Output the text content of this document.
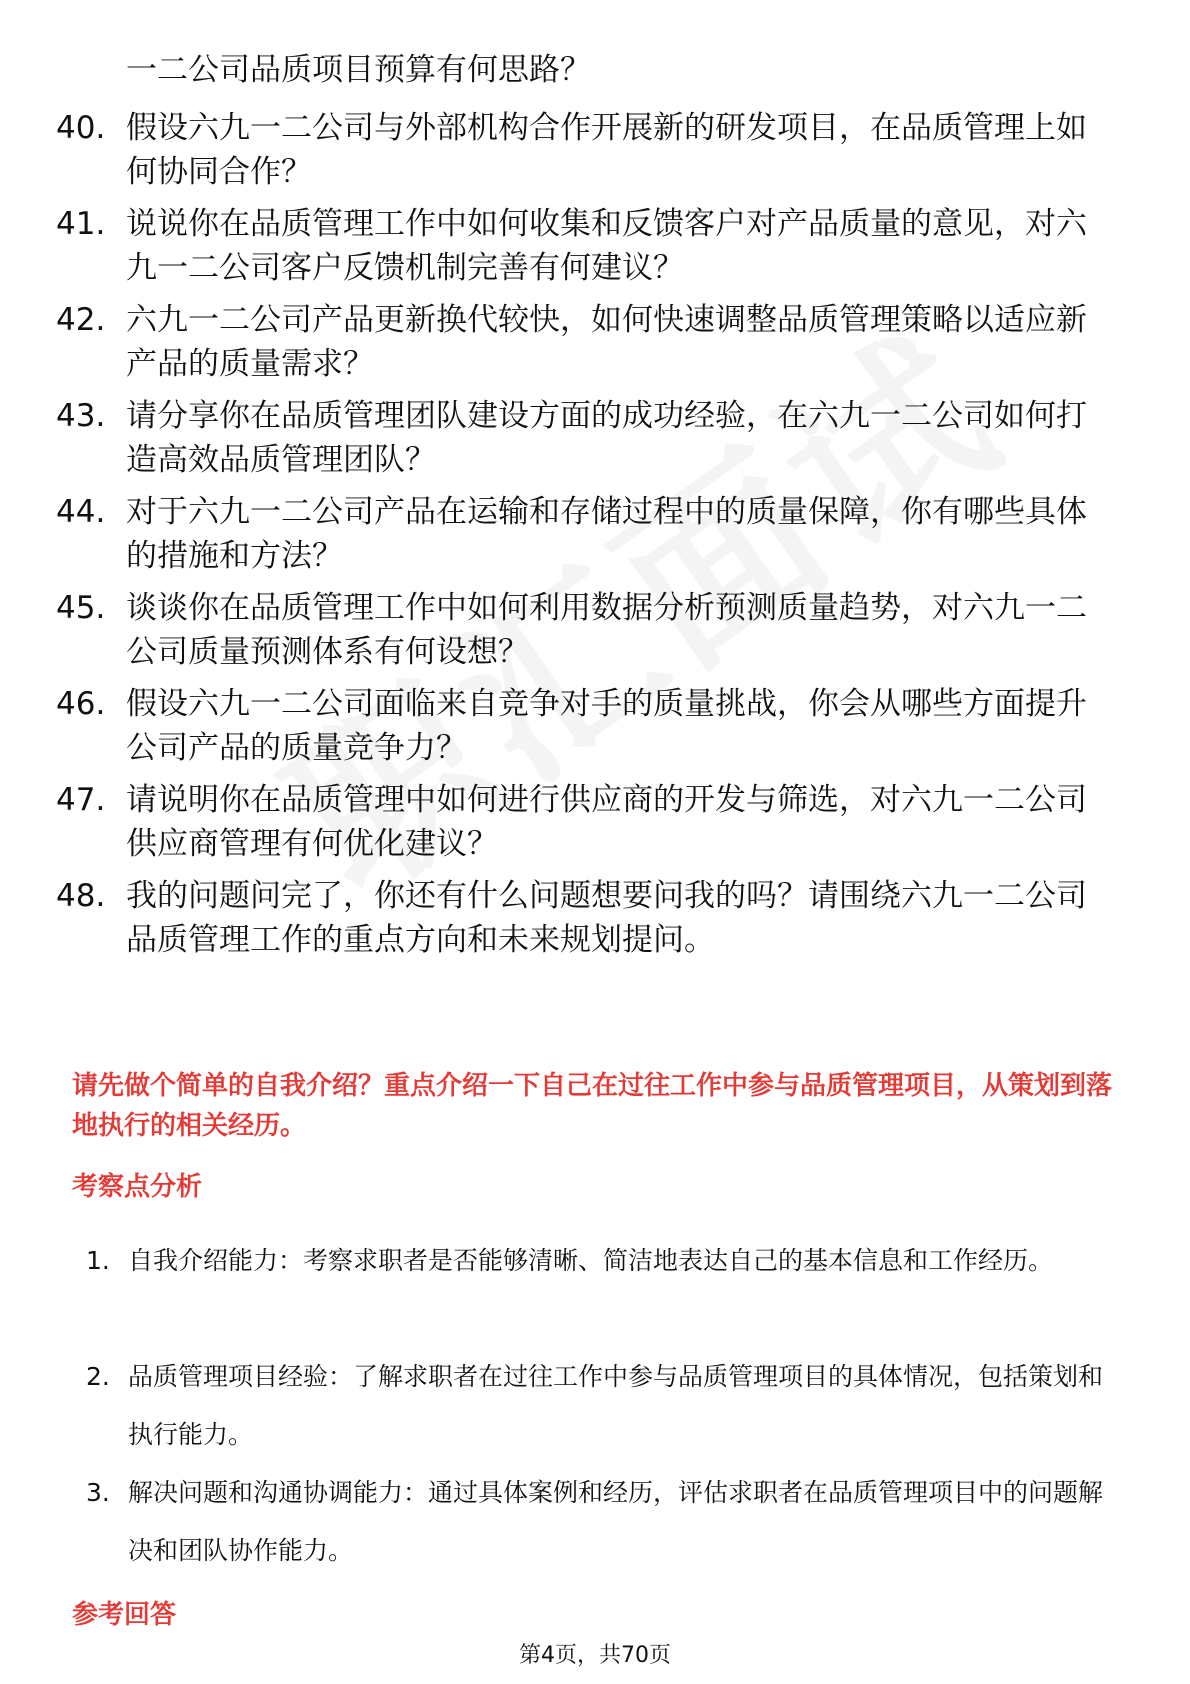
一二公司品质项目预算有何思路？
40. 假设六九一二公司与外部机构合作开展新的研发项目，在品质管理上如何协同合作？
41. 说说你在品质管理工作中如何收集和反馈客户对产品质量的意见，对六九一二公司客户反馈机制完善有何建议？
42. 六九一二公司产品更新换代较快，如何快速调整品质管理策略以适应新产品的质量需求？
43. 请分享你在品质管理团队建设方面的成功经验，在六九一二公司如何打造高效品质管理团队？
44. 对于六九一二公司产品在运输和存储过程中的质量保障，你有哪些具体的措施和方法？
45. 谈谈你在品质管理工作中如何利用数据分析预测质量趋势，对六九一二公司质量预测体系有何设想？
46. 假设六九一二公司面临来自竞争对手的质量挑战，你会从哪些方面提升公司产品的质量竞争力？
47. 请说明你在品质管理中如何进行供应商的开发与筛选，对六九一二公司供应商管理有何优化建议？
48. 我的问题问完了，你还有什么问题想要问我的吗？请围绕六九一二公司品质管理工作的重点方向和未来规划提问。
请先做个简单的自我介绍？重点介绍一下自己在过往工作中参与品质管理项目，从策划到落地执行的相关经历。
考察点分析
1. 自我介绍能力：考察求职者是否能够清晰、简洁地表达自己的基本信息和工作经历。
2. 品质管理项目经验：了解求职者在过往工作中参与品质管理项目的具体情况，包括策划和执行能力。
3. 解决问题和沟通协调能力：通过具体案例和经历，评估求职者在品质管理项目中的问题解决和团队协作能力。
参考回答
第4页，共70页
